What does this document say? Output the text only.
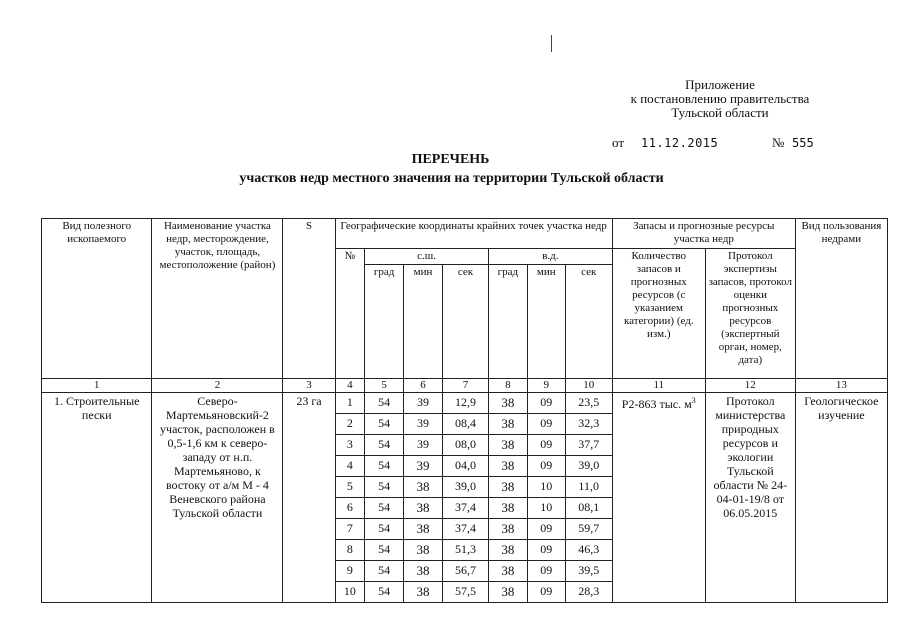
Приложение
к постановлению правительства
Тульской области
от 11.12.2015	№ 555
ПЕРЕЧЕНЬ
участков недр местного значения на территории Тульской области
Вид полезного ископаемого	Наименование участка недр, месторождение, участок, площадь, местоположение (район)	S	Географические координаты крайних точек участка недр							Запасы и прогнозные ресурсы участка недр		Вид пользования недрами
			№	с.ш.			в.д.			Количество запасов и прогнозных ресурсов (с указанием категории) (ед. изм.)	Протокол экспертизы запасов, протокол оценки прогнозных ресурсов (экспертный орган, номер, дата)	
				град	мин	сек	град	мин	сек			
1	2	3	4	5	6	7	8	9	10	11	12	13
1. Строительные пески	Северо-Мартемьяновский-2 участок, расположен в 0,5-1,6 км к северо-западу от н.п. Мартемьяново, к востоку от а/м М - 4 Веневского района Тульской области	23 га	1	54	39	12,9	38	09	23,5	Р2-863 тыс. $м^3$	Протокол министерства природных ресурсов и экологии Тульской области № 24-04-01-19/8 от 06.05.2015	Геологическое изучение
			2	54	39	08,4	38	09	32,3			
			3	54	39	08,0	38	09	37,7			
			4	54	39	04,0	38	09	39,0			
			5	54	38	39,0	38	10	11,0			
			6	54	38	37,4	38	10	08,1			
			7	54	38	37,4	38	09	59,7			
			8	54	38	51,3	38	09	46,3			
			9	54	38	56,7	38	09	39,5			
			10	54	38	57,5	38	09	28,3			
